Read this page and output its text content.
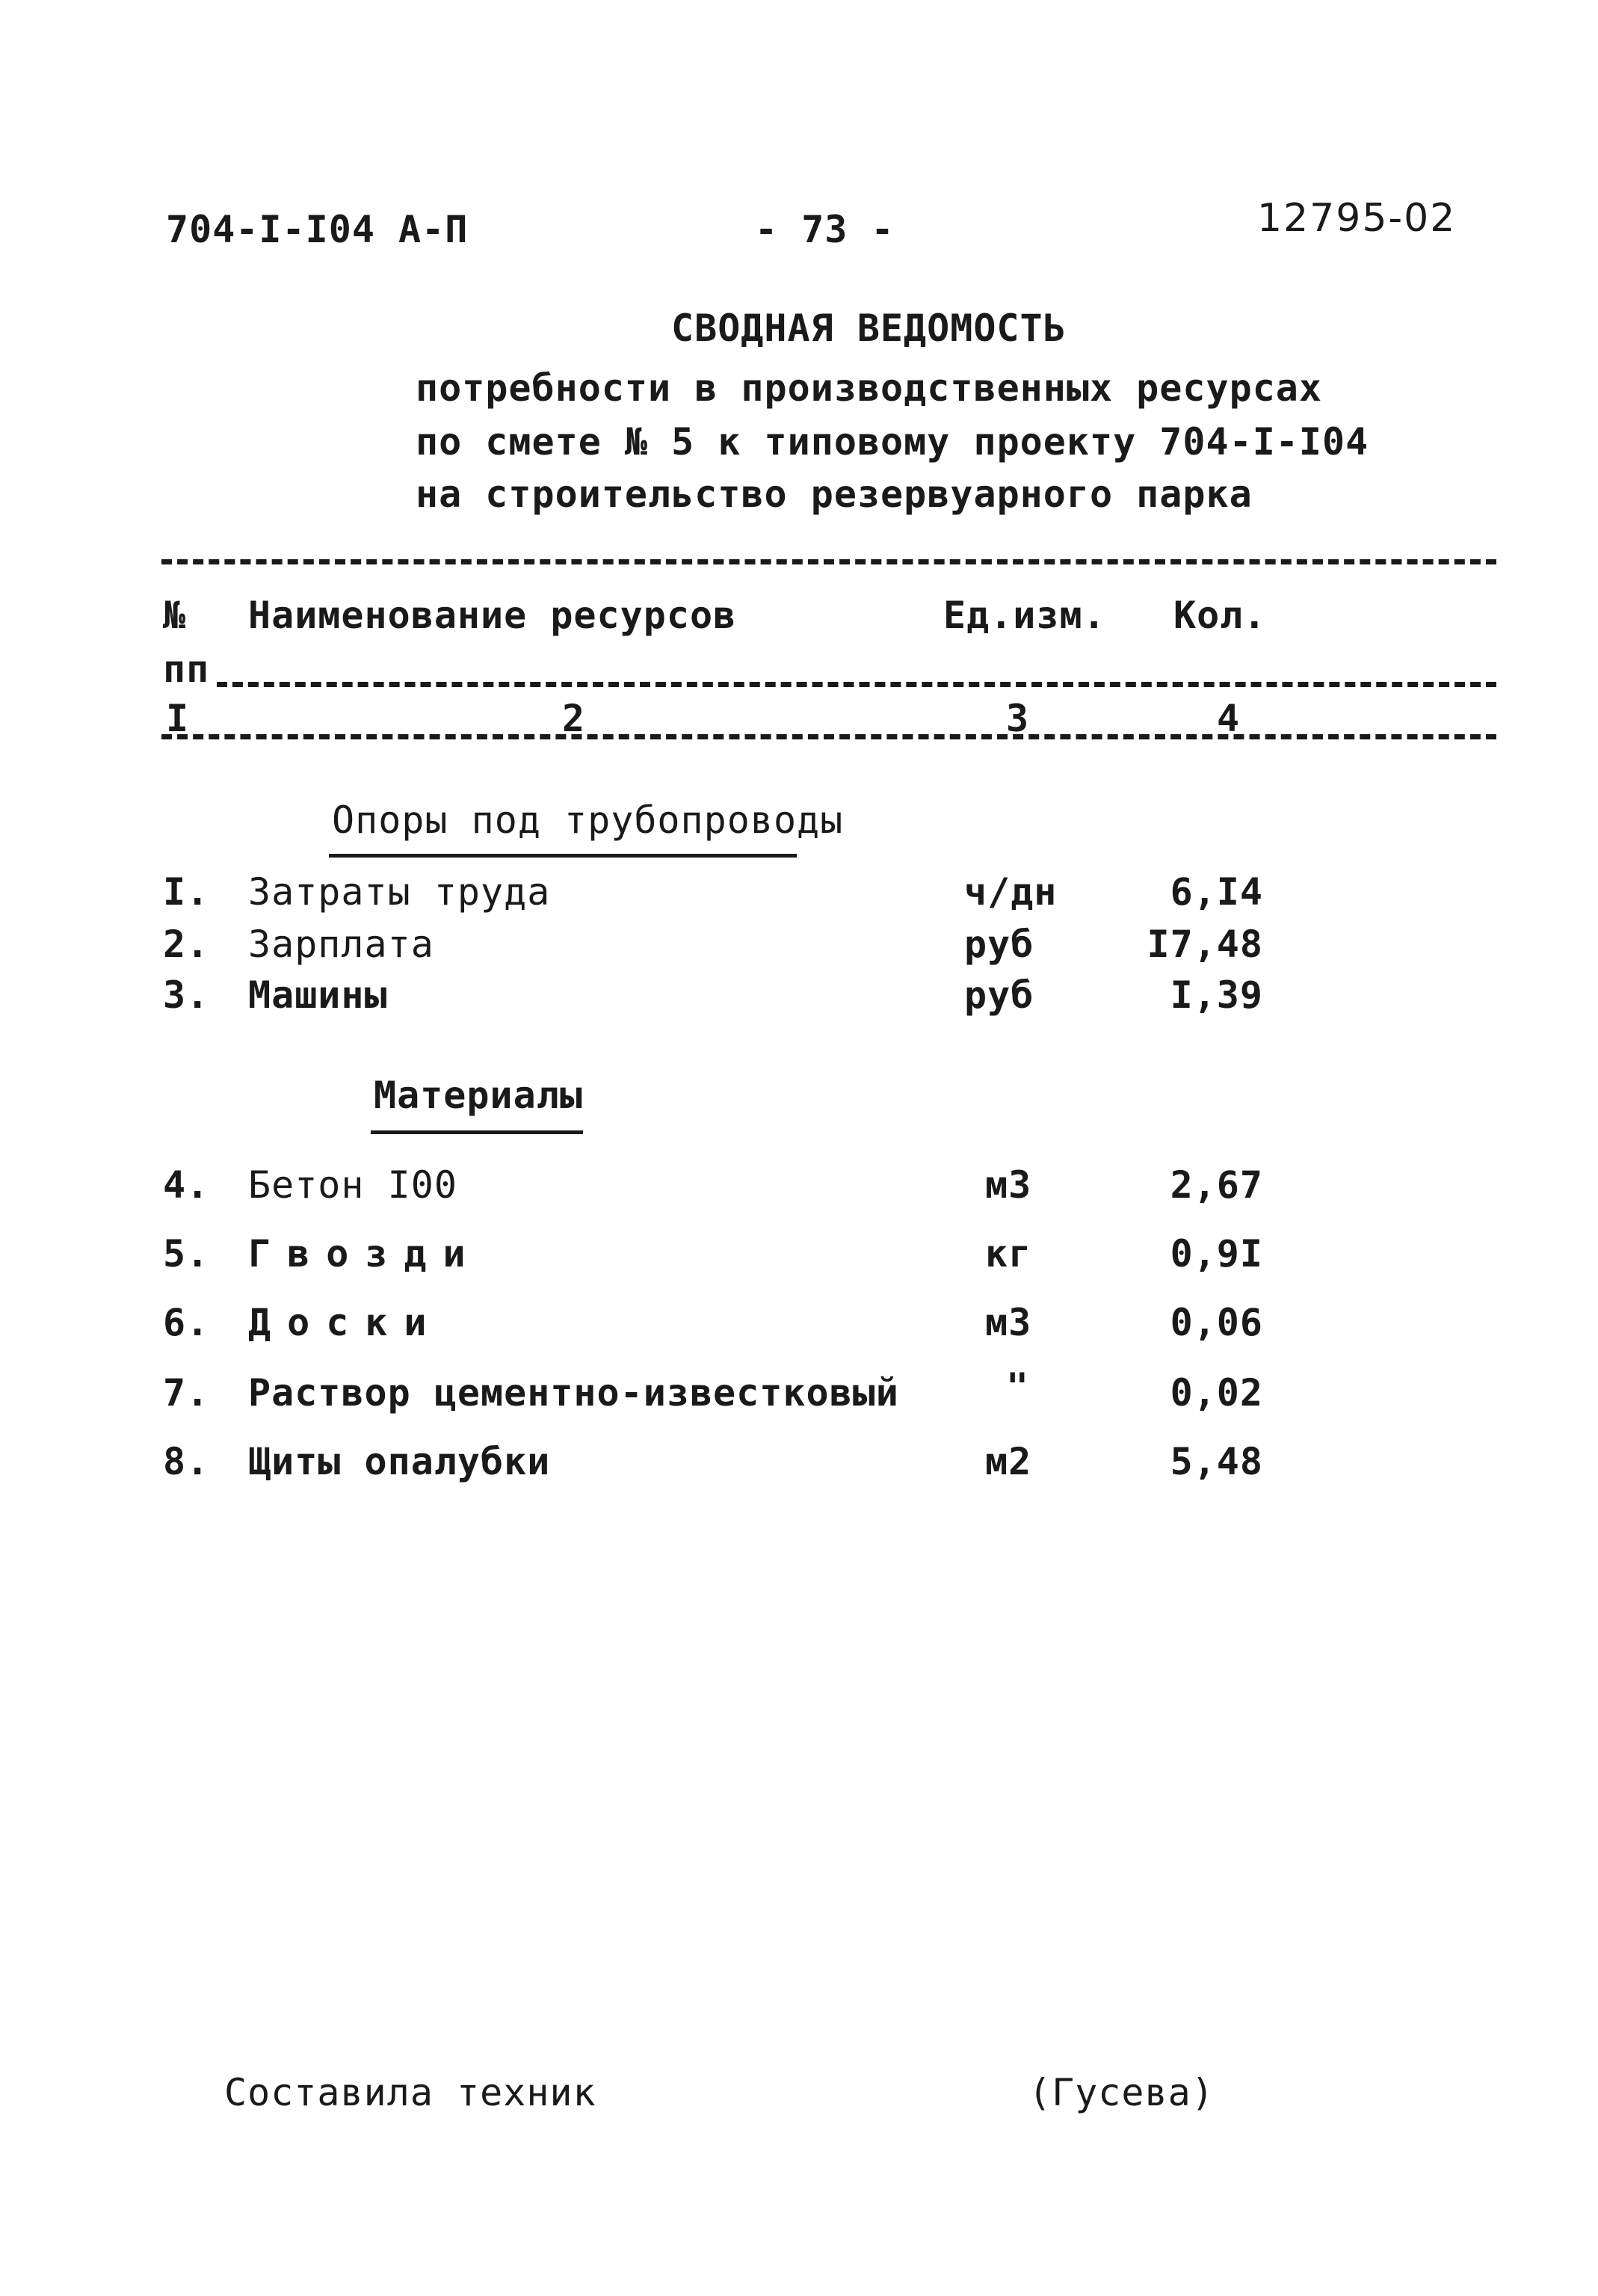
704-I-I04 А-П	- 73 -	12795-02
СВОДНАЯ ВЕДОМОСТЬ
потребности в производственных ресурсах
по смете № 5 к типовому проекту 704-I-I04
на строительство резервуарного парка
№ Наименование ресурсов	Ед.изм. Кол.
пп
I	2	3	4
Опоры под трубопроводы
I. Затраты труда	ч/дн	6,I4
2. Зарплата	руб	I7,48
3. Машины	руб	I,39
Материалы
4. Бетон I00	м3	2,67
5. Гвозди	кг	0,9I
6. Доски	м3	0,06
7. Раствор цементно-известковый	"	0,02
8. Щиты опалубки	м2	5,48
Составила техник	(Гусева)
